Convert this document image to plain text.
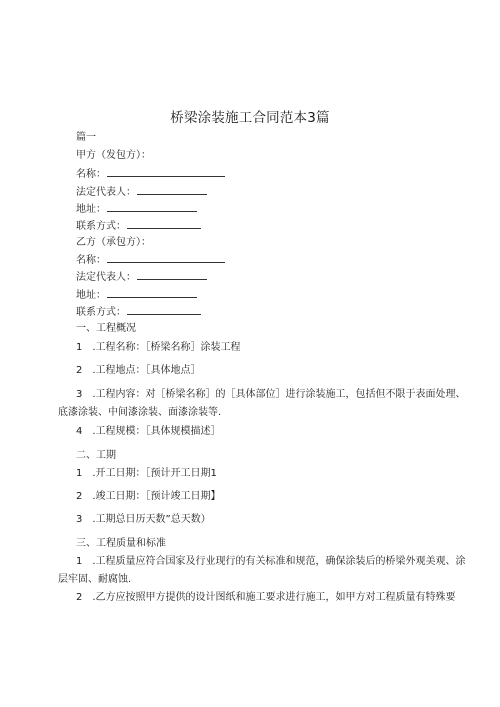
桥梁涂装施工合同范本3篇
篇一
甲方（发包方）：
名称：
法定代表人：
地址：
联系方式：
乙方（承包方）：
名称：
法定代表人：
地址：
联系方式：
一、工程概况
1　.工程名称：［桥梁名称］涂装工程
2　.工程地点：［具体地点］
3　.工程内容：对［桥梁名称］的［具体部位］进行涂装施工，包括但不限于表面处理、
底漆涂装、中间漆涂装、面漆涂装等.
4　.工程规模：［具体规模描述］
二、工期
1　.开工日期：［预计开工日期1
2　.竣工日期：［预计竣工日期】
3　.工期总日历天数”总天数）
三、工程质量和标准
1　.工程质量应符合国家及行业现行的有关标准和规范，确保涂装后的桥梁外观美观、涂
层牢固、耐腐蚀.
2　.乙方应按照甲方提供的设计图纸和施工要求进行施工，如甲方对工程质量有特殊要
